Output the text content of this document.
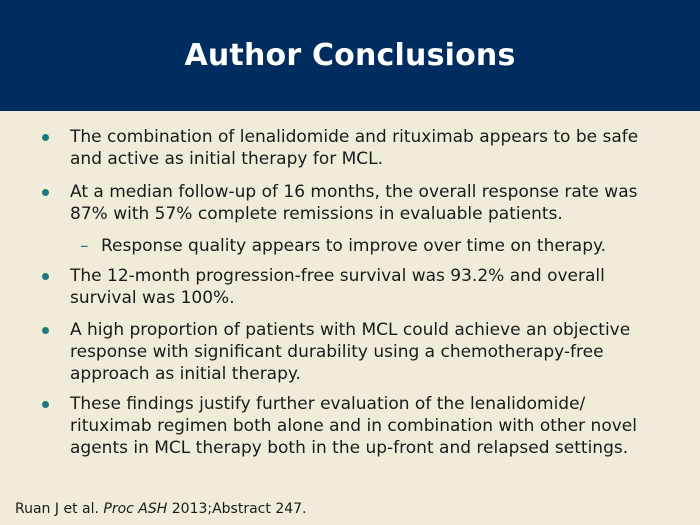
Author Conclusions
The combination of lenalidomide and rituximab appears to be safe and active as initial therapy for MCL.
At a median follow-up of 16 months, the overall response rate was 87% with 57% complete remissions in evaluable patients.
– Response quality appears to improve over time on therapy.
The 12-month progression-free survival was 93.2% and overall survival was 100%.
A high proportion of patients with MCL could achieve an objective response with significant durability using a chemotherapy-free approach as initial therapy.
These findings justify further evaluation of the lenalidomide/ rituximab regimen both alone and in combination with other novel agents in MCL therapy both in the up-front and relapsed settings.
Ruan J et al. Proc ASH 2013;Abstract 247.
